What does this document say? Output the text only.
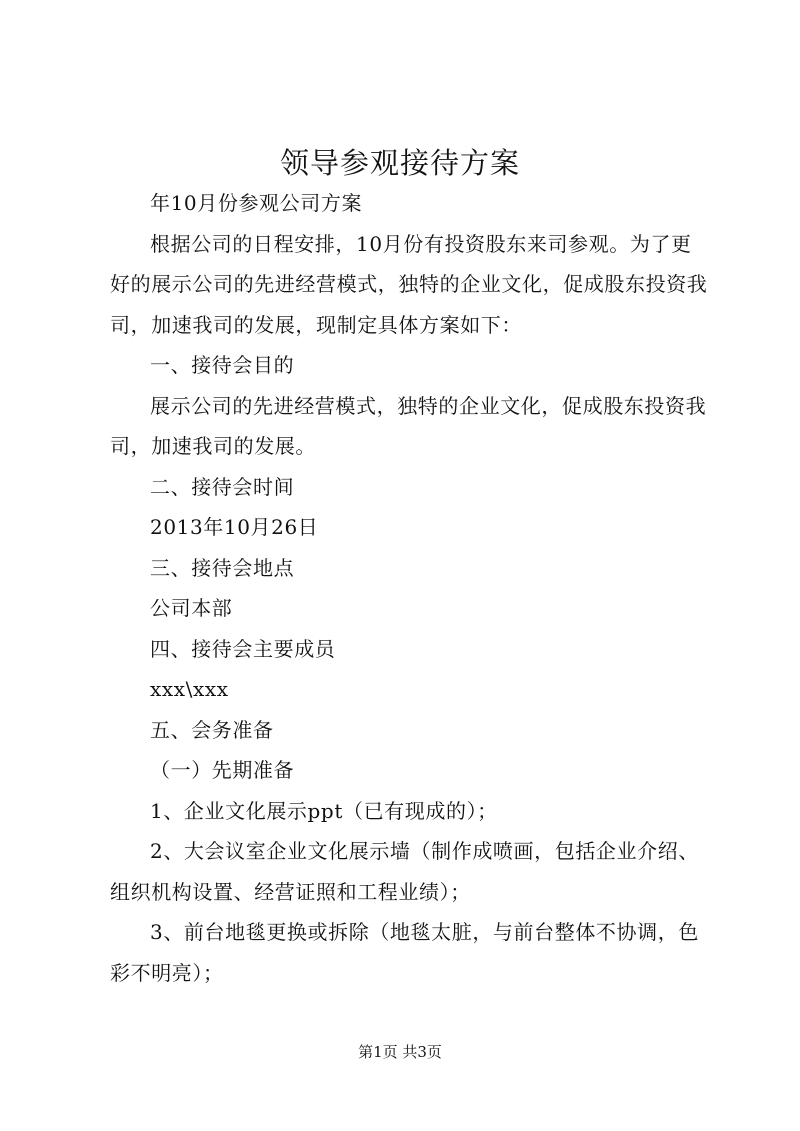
领导参观接待方案

年10月份参观公司方案

根据公司的日程安排，10月份有投资股东来司参观。为了更好的展示公司的先进经营模式，独特的企业文化，促成股东投资我司，加速我司的发展，现制定具体方案如下：

一、接待会目的

展示公司的先进经营模式，独特的企业文化，促成股东投资我司，加速我司的发展。

二、接待会时间

2013年10月26日

三、接待会地点

公司本部

四、接待会主要成员

xxx\xxx

五、会务准备

（一）先期准备

1、企业文化展示ppt（已有现成的）；

2、大会议室企业文化展示墙（制作成喷画，包括企业介绍、组织机构设置、经营证照和工程业绩）；

3、前台地毯更换或拆除（地毯太脏，与前台整体不协调，色彩不明亮）；

第1页 共3页
